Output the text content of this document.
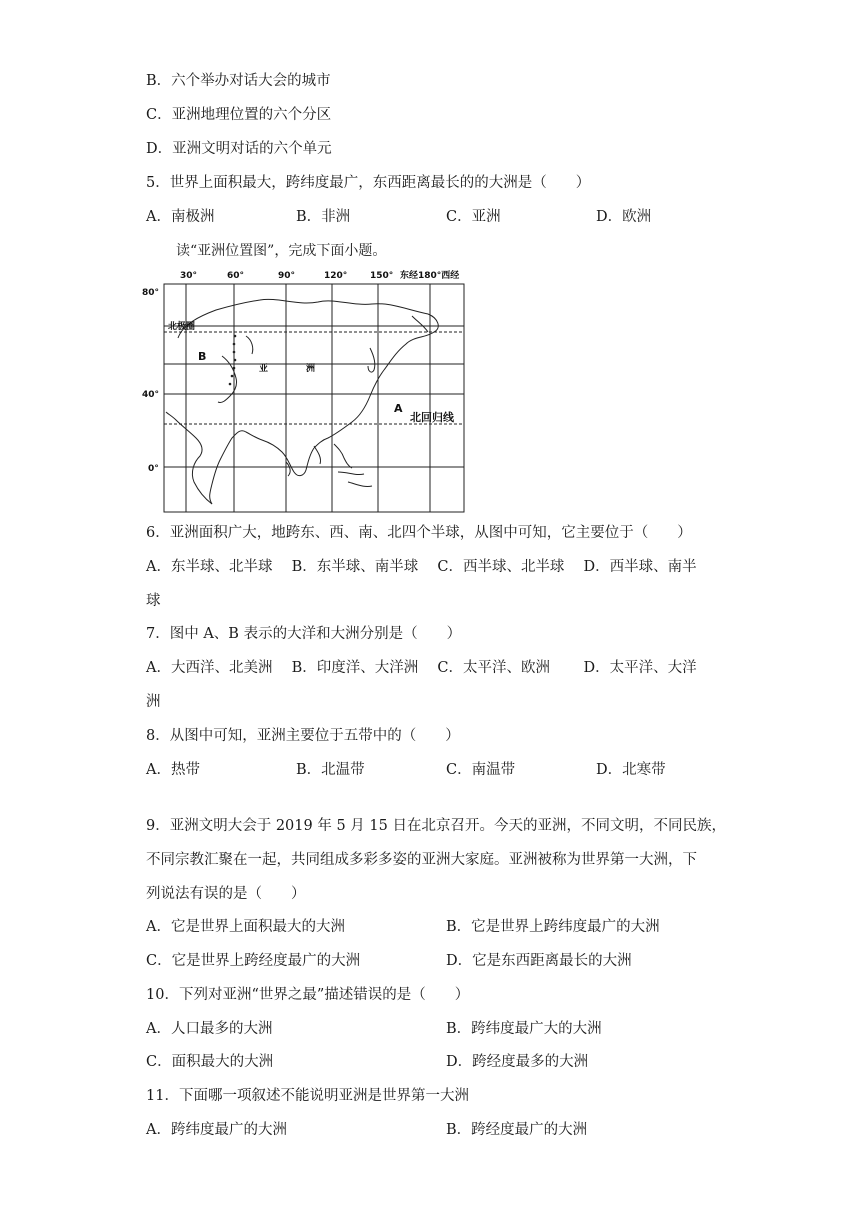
B．六个举办对话大会的城市
C．亚洲地理位置的六个分区
D．亚洲文明对话的六个单元
5．世界上面积最大，跨纬度最广，东西距离最长的的大洲是（　　）
A．南极洲	B．非洲	C．亚洲	D．欧洲
读“亚洲位置图”，完成下面小题。
30°	60°	90°	120°	150° 东经180°西经
80°
40°
0°
北极圈
B
亚	洲
A
北回归线
6．亚洲面积广大，地跨东、西、南、北四个半球，从图中可知，它主要位于（　　）
A．东半球、北半球　 B．东半球、南半球　 C．西半球、北半球　 D．西半球、南半
球
7．图中 A、B 表示的大洋和大洲分别是（　　）
A．大西洋、北美洲　 B．印度洋、大洋洲　 C．太平洋、欧洲　　 D．太平洋、大洋
洲
8．从图中可知，亚洲主要位于五带中的（　　）
A．热带	B．北温带	C．南温带	D．北寒带
9．亚洲文明大会于 2019 年 5 月 15 日在北京召开。今天的亚洲，不同文明，不同民族，
不同宗教汇聚在一起，共同组成多彩多姿的亚洲大家庭。亚洲被称为世界第一大洲，下
列说法有误的是（　　）
A．它是世界上面积最大的大洲	B．它是世界上跨纬度最广的大洲
C．它是世界上跨经度最广的大洲	D．它是东西距离最长的大洲
10．下列对亚洲“世界之最”描述错误的是（　　）
A．人口最多的大洲	B．跨纬度最广大的大洲
C．面积最大的大洲	D．跨经度最多的大洲
11．下面哪一项叙述不能说明亚洲是世界第一大洲
A．跨纬度最广的大洲	B．跨经度最广的大洲
